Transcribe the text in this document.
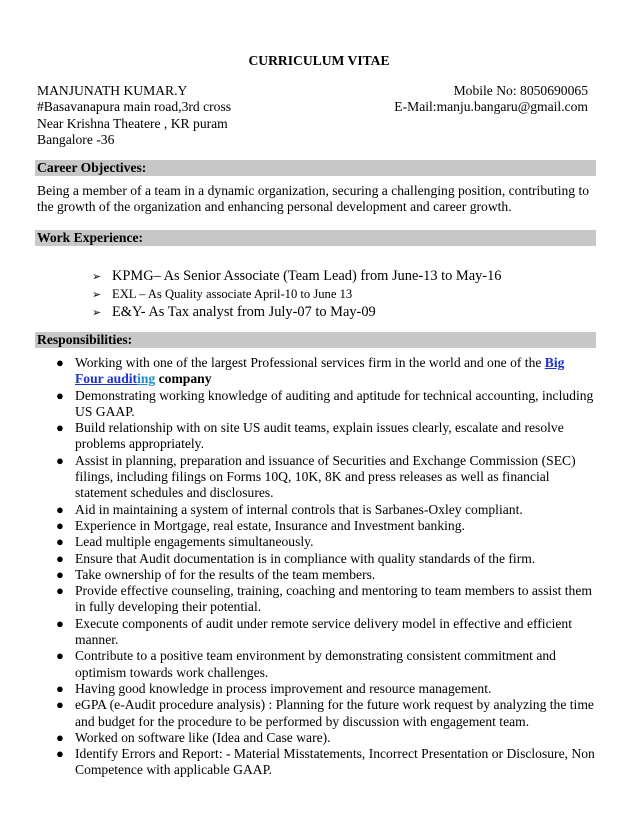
CURRICULUM VITAE
MANJUNATH KUMAR.Y
#Basavanapura main road,3rd cross
Near Krishna Theatere , KR puram
Bangalore -36
Mobile No: 8050690065
E-Mail:manju.bangaru@gmail.com
Career Objectives:
Being a member of a team in a dynamic organization, securing a challenging position, contributing to the growth of the organization and enhancing personal development and career growth.
Work Experience:
➢ KPMG– As Senior Associate (Team Lead) from June-13 to May-16
➢ EXL – As Quality associate April-10 to June 13
➢ E&Y- As Tax analyst from July-07 to May-09
Responsibilities:
● Working with one of the largest Professional services firm in the world and one of the Big Four auditing company
● Demonstrating working knowledge of auditing and aptitude for technical accounting, including US GAAP.
● Build relationship with on site US audit teams, explain issues clearly, escalate and resolve problems appropriately.
● Assist in planning, preparation and issuance of Securities and Exchange Commission (SEC) filings, including filings on Forms 10Q, 10K, 8K and press releases as well as financial statement schedules and disclosures.
● Aid in maintaining a system of internal controls that is Sarbanes-Oxley compliant.
● Experience in Mortgage, real estate, Insurance and Investment banking.
● Lead multiple engagements simultaneously.
● Ensure that Audit documentation is in compliance with quality standards of the firm.
● Take ownership of for the results of the team members.
● Provide effective counseling, training, coaching and mentoring to team members to assist them in fully developing their potential.
● Execute components of audit under remote service delivery model in effective and efficient manner.
● Contribute to a positive team environment by demonstrating consistent commitment and optimism towards work challenges.
● Having good knowledge in process improvement and resource management.
● eGPA (e-Audit procedure analysis) : Planning for the future work request by analyzing the time and budget for the procedure to be performed by discussion with engagement team.
● Worked on software like (Idea and Case ware).
● Identify Errors and Report: - Material Misstatements, Incorrect Presentation or Disclosure, Non Competence with applicable GAAP.
